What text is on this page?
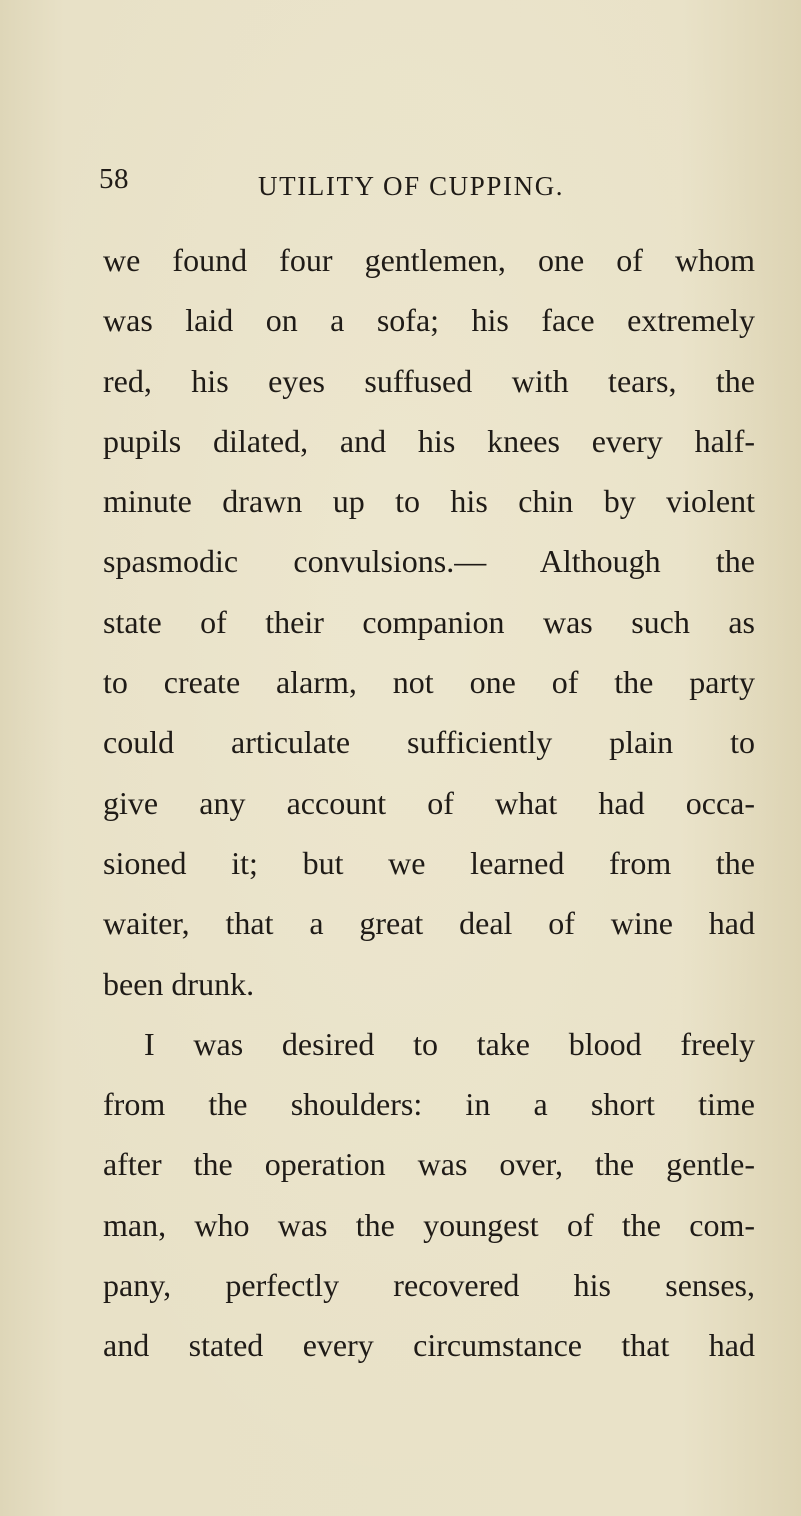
58	UTILITY OF CUPPING.
we found four gentlemen, one of whom
was laid on a sofa; his face extremely
red, his eyes suffused with tears, the
pupils dilated, and his knees every half-
minute drawn up to his chin by violent
spasmodic convulsions.— Although the
state of their companion was such as
to create alarm, not one of the party
could articulate sufficiently plain to
give any account of what had occa-
sioned it; but we learned from the
waiter, that a great deal of wine had
been drunk.
I was desired to take blood freely
from the shoulders: in a short time
after the operation was over, the gentle-
man, who was the youngest of the com-
pany, perfectly recovered his senses,
and stated every circumstance that had
